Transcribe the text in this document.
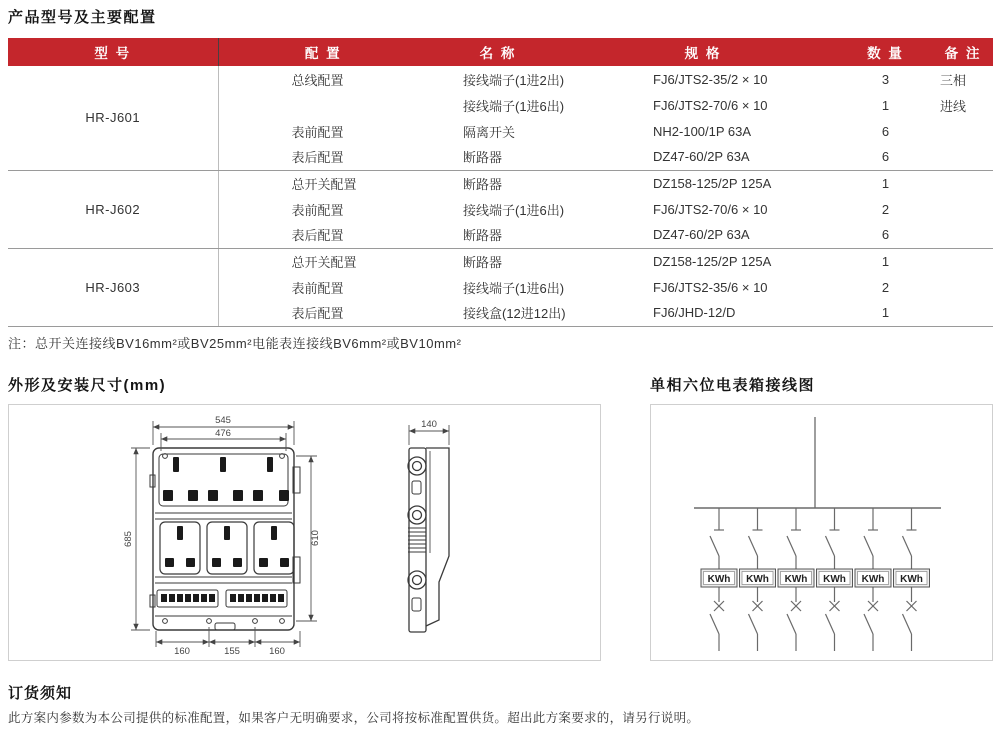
产品型号及主要配置
型 号	配 置	名 称	规 格	数 量	备 注
HR-J601	总线配置	接线端子(1进2出)	FJ6/JTS2-35/2 × 10	3	三相
		接线端子(1进6出)	FJ6/JTS2-70/6 × 10	1	进线
	表前配置	隔离开关	NH2-100/1P 63A	6	
	表后配置	断路器	DZ47-60/2P 63A	6	
HR-J602	总开关配置	断路器	DZ158-125/2P 125A	1	
	表前配置	接线端子(1进6出)	FJ6/JTS2-70/6 × 10	2	
	表后配置	断路器	DZ47-60/2P 63A	6	
HR-J603	总开关配置	断路器	DZ158-125/2P 125A	1	
	表前配置	接线端子(1进6出)	FJ6/JTS2-35/6 × 10	2	
	表后配置	接线盒(12进12出)	FJ6/JHD-12/D	1	
注：总开关连接线BV16mm²或BV25mm²电能表连接线BV6mm²或BV10mm²
外形及安装尺寸(mm)	单相六位电表箱接线图
545
476
685	610
160	155	160
140
KWh KWh KWh KWh KWh KWh
订货须知
此方案内参数为本公司提供的标准配置，如果客户无明确要求，公司将按标准配置供货。超出此方案要求的，请另行说明。
